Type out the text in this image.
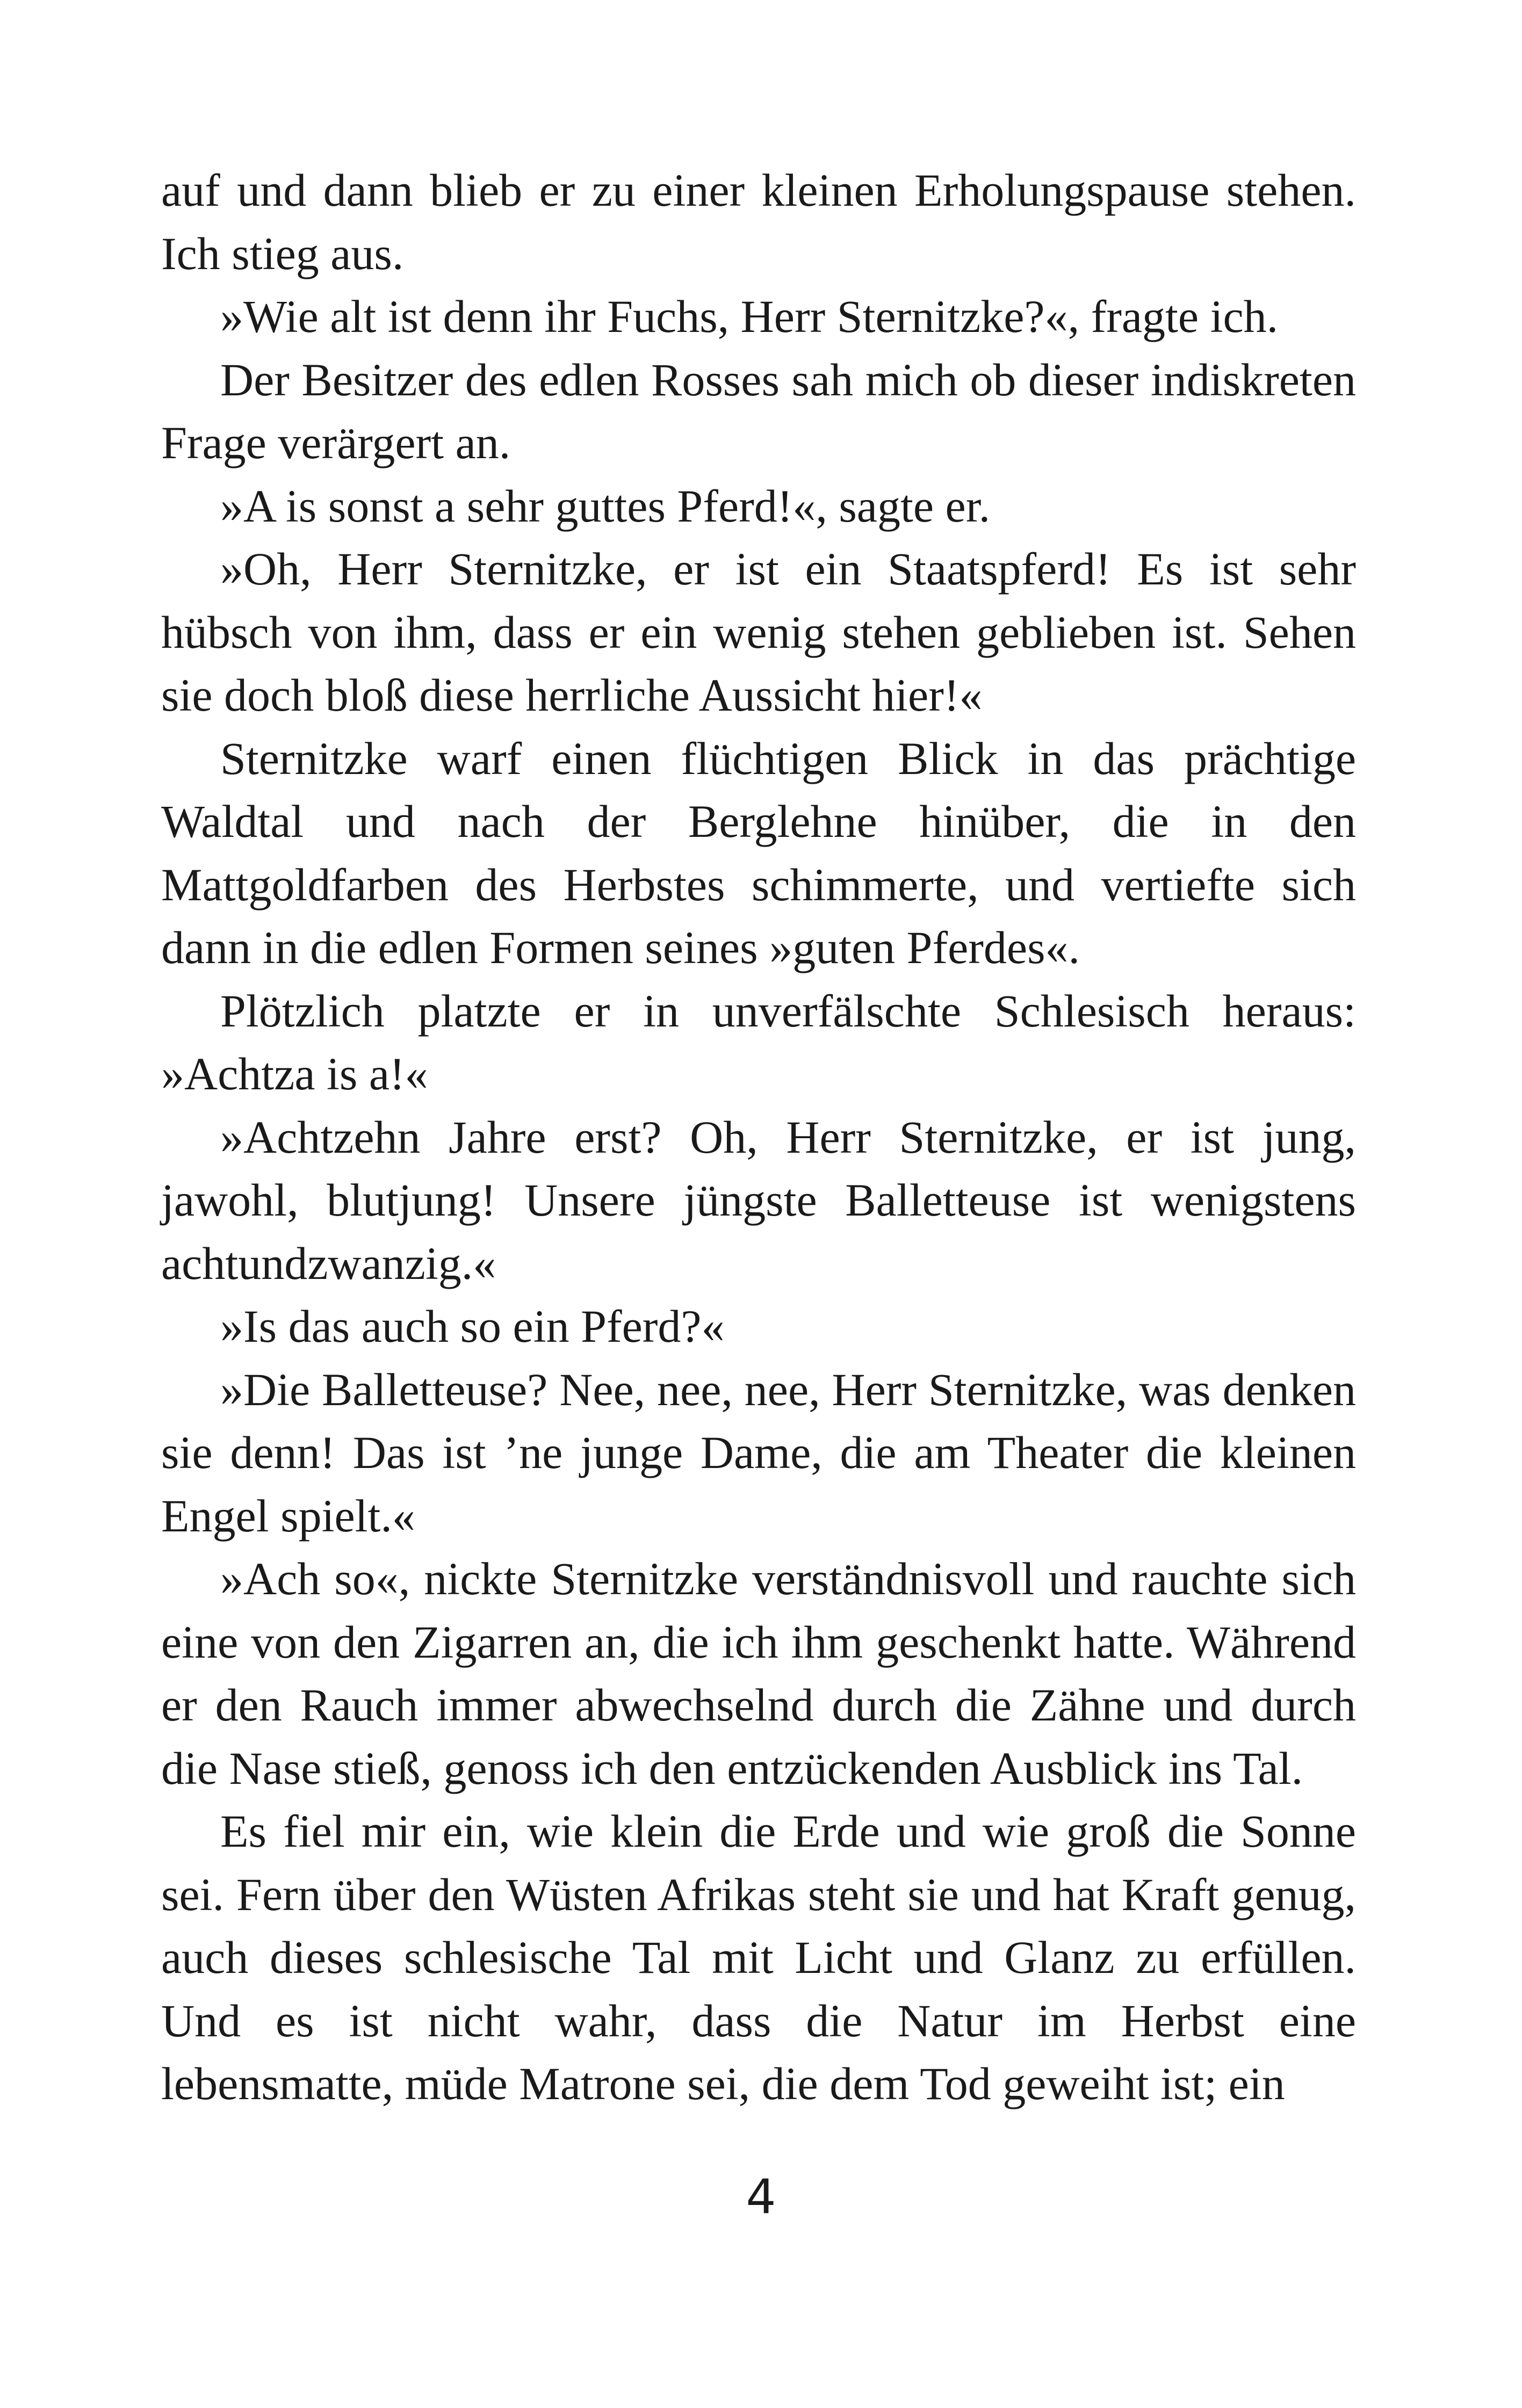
auf und dann blieb er zu einer kleinen Erholungspause stehen. Ich stieg aus.

»Wie alt ist denn ihr Fuchs, Herr Sternitzke?«, fragte ich.

Der Besitzer des edlen Rosses sah mich ob dieser indiskreten Frage verärgert an.

»A is sonst a sehr guttes Pferd!«, sagte er.

»Oh, Herr Sternitzke, er ist ein Staatspferd! Es ist sehr hübsch von ihm, dass er ein wenig stehen geblieben ist. Sehen sie doch bloß diese herrliche Aussicht hier!«

Sternitzke warf einen flüchtigen Blick in das prächtige Waldtal und nach der Berglehne hinüber, die in den Mattgoldfarben des Herbstes schimmerte, und vertiefte sich dann in die edlen Formen seines »guten Pferdes«.

Plötzlich platzte er in unverfälschte Schlesisch heraus: »Achtza is a!«

»Achtzehn Jahre erst? Oh, Herr Sternitzke, er ist jung, jawohl, blutjung! Unsere jüngste Balletteuse ist wenigstens achtundzwanzig.«

»Is das auch so ein Pferd?«

»Die Balletteuse? Nee, nee, nee, Herr Sternitzke, was denken sie denn! Das ist ’ne junge Dame, die am Theater die kleinen Engel spielt.«

»Ach so«, nickte Sternitzke verständnisvoll und rauchte sich eine von den Zigarren an, die ich ihm geschenkt hatte. Während er den Rauch immer abwechselnd durch die Zähne und durch die Nase stieß, genoss ich den entzückenden Ausblick ins Tal.

Es fiel mir ein, wie klein die Erde und wie groß die Sonne sei. Fern über den Wüsten Afrikas steht sie und hat Kraft genug, auch dieses schlesische Tal mit Licht und Glanz zu erfüllen. Und es ist nicht wahr, dass die Natur im Herbst eine lebensmatte, müde Matrone sei, die dem Tod geweiht ist; ein

4
